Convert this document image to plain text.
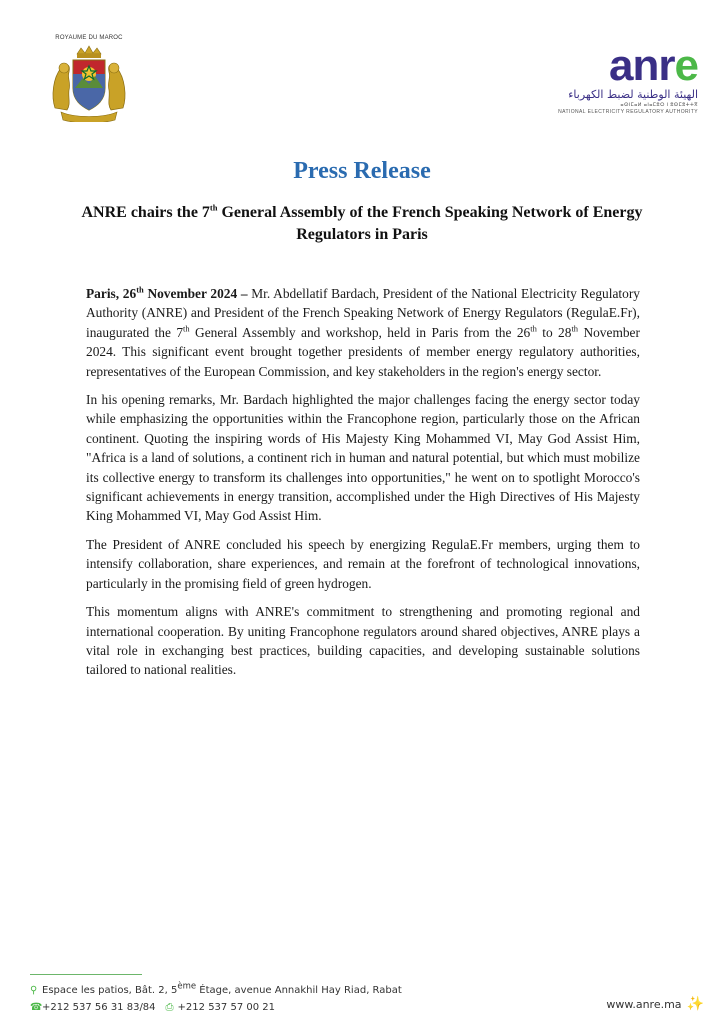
ROYAUME DU MAROC
anr e
الهيئة الوطنية لضبط الكهرباء
ⴰⵙⵏⵎⴰⵍ ⴰⵏⴰⵎⵓⵔ ⵏ ⵓⵙⵎⵓⵜⵜⴳ
NATIONAL ELECTRICITY REGULATORY AUTHORITY
Press Release
ANRE chairs the 7th General Assembly of the French Speaking Network of Energy Regulators in Paris

Paris, 26th November 2024 – Mr. Abdellatif Bardach, President of the National Electricity Regulatory Authority (ANRE) and President of the French Speaking Network of Energy Regulators (RegulaE.Fr), inaugurated the 7th General Assembly and workshop, held in Paris from the 26th to 28th November 2024. This significant event brought together presidents of member energy regulatory authorities, representatives of the European Commission, and key stakeholders in the region's energy sector.

In his opening remarks, Mr. Bardach highlighted the major challenges facing the energy sector today while emphasizing the opportunities within the Francophone region, particularly those on the African continent. Quoting the inspiring words of His Majesty King Mohammed VI, May God Assist Him, "Africa is a land of solutions, a continent rich in human and natural potential, but which must mobilize its collective energy to transform its challenges into opportunities," he went on to spotlight Morocco's significant achievements in energy transition, accomplished under the High Directives of His Majesty King Mohammed VI, May God Assist Him.

The President of ANRE concluded his speech by energizing RegulaE.Fr members, urging them to intensify collaboration, share experiences, and remain at the forefront of technological innovations, particularly in the promising field of green hydrogen.

This momentum aligns with ANRE's commitment to strengthening and promoting regional and international cooperation. By uniting Francophone regulators around shared objectives, ANRE plays a vital role in exchanging best practices, building capacities, and developing sustainable solutions tailored to national realities.

⚲ Espace les patios, Bât. 2, 5ème Étage, avenue Annakhil Hay Riad, Rabat
☎ +212 537 56 31 83/84 ⎙ +212 537 57 00 21	www.anre.ma ✨
